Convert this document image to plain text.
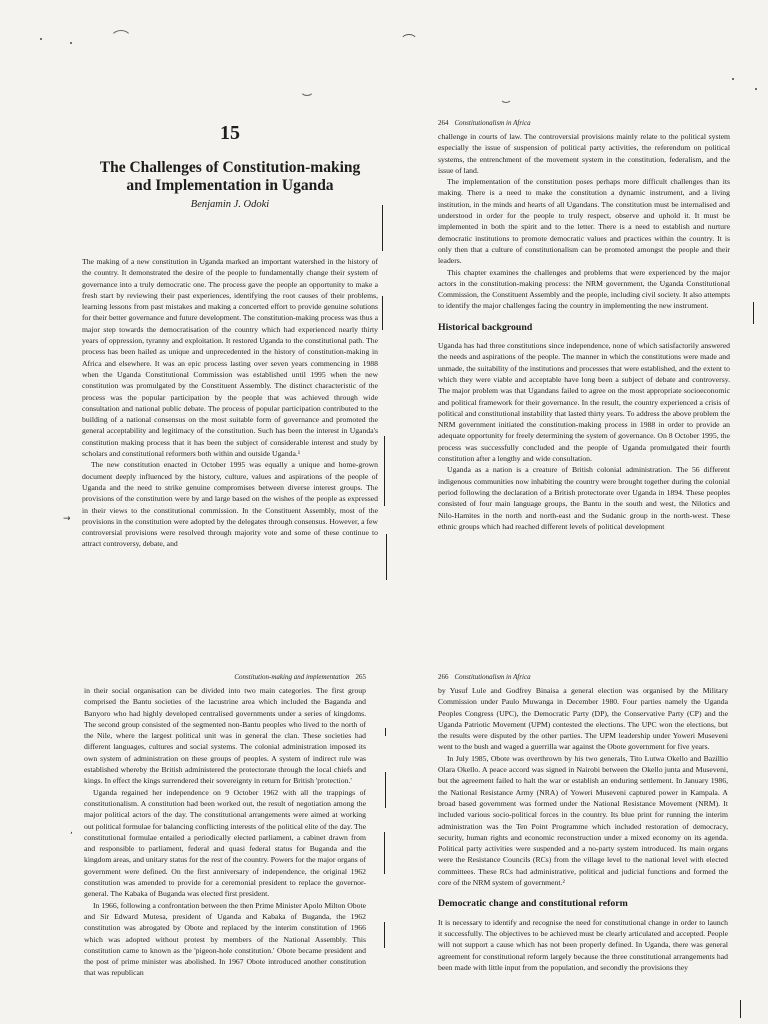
→
,
15
The Challenges of Constitution-making and Implementation in Uganda
Benjamin J. Odoki

The making of a new constitution in Uganda marked an important watershed in the history of the country. It demonstrated the desire of the people to fundamentally change their system of governance into a truly democratic one. The process gave the people an opportunity to make a fresh start by reviewing their past experiences, identifying the root causes of their problems, learning lessons from past mistakes and making a concerted effort to provide genuine solutions for their better governance and future development. The constitution-making process was thus a major step towards the democratisation of the country which had experienced nearly thirty years of oppression, tyranny and exploitation. It restored Uganda to the constitutional path. The process has been hailed as unique and unprecedented in the history of constitution-making in Africa and elsewhere. It was an epic process lasting over seven years commencing in 1988 when the Uganda Constitutional Commission was established until 1995 when the new constitution was promulgated by the Constituent Assembly. The distinct characteristic of the process was the popular participation by the people that was achieved through wide consultation and national public debate. The process of popular participation contributed to the building of a national consensus on the most suitable form of governance and promoted the general acceptability and legitimacy of the constitution. Such has been the interest in Uganda's constitution making process that it has been the subject of considerable interest and study by scholars and constitutional reformers both within and outside Uganda.¹

The new constitution enacted in October 1995 was equally a unique and home-grown document deeply influenced by the history, culture, values and aspirations of the people of Uganda and the need to strike genuine compromises between diverse interest groups. The provisions of the constitution were by and large based on the wishes of the people as expressed in their views to the constitutional commission. In the Constituent Assembly, most of the provisions in the constitution were adopted by the delegates through consensus. However, a few controversial provisions were resolved through majority vote and some of these continue to attract controversy, debate, and

264 Constitutionalism in Africa

challenge in courts of law. The controversial provisions mainly relate to the political system especially the issue of suspension of political party activities, the referendum on political systems, the entrenchment of the movement system in the constitution, federalism, and the issue of land.

The implementation of the constitution poses perhaps more difficult challenges than its making. There is a need to make the constitution a dynamic instrument, and a living institution, in the minds and hearts of all Ugandans. The constitution must be internalised and understood in order for the people to truly respect, observe and uphold it. It must be implemented in both the spirit and to the letter. There is a need to establish and nurture democratic institutions to promote democratic values and practices within the country. It is only then that a culture of constitutionalism can be promoted amongst the people and their leaders.

This chapter examines the challenges and problems that were experienced by the major actors in the constitution-making process: the NRM government, the Uganda Constitutional Commission, the Constituent Assembly and the people, including civil society. It also attempts to identify the major challenges facing the country in implementing the new instrument.

Historical background

Uganda has had three constitutions since independence, none of which satisfactorily answered the needs and aspirations of the people. The manner in which the constitutions were made and unmade, the suitability of the institutions and processes that were established, and the extent to which they were viable and acceptable have long been a subject of debate and controversy. The major problem was that Ugandans failed to agree on the most appropriate socioeconomic and political framework for their governance. In the result, the country experienced a crisis of political and constitutional instability that lasted thirty years. To address the above problem the NRM government initiated the constitution-making process in 1988 in order to provide an adequate opportunity for freely determining the system of governance. On 8 October 1995, the process was successfully concluded and the people of Uganda promulgated their fourth constitution after a lengthy and wide consultation.

Uganda as a nation is a creature of British colonial administration. The 56 different indigenous communities now inhabiting the country were brought together during the colonial period following the declaration of a British protectorate over Uganda in 1894. These peoples consisted of four main language groups, the Bantu in the south and west, the Nilotics and Nilo-Hamites in the north and north-east and the Sudanic group in the north-west. These ethnic groups which had reached different levels of political development

Constitution-making and implementation 265

in their social organisation can be divided into two main categories. The first group comprised the Bantu societies of the lacustrine area which included the Baganda and Banyoro who had highly developed centralised governments under a series of kingdoms. The second group consisted of the segmented non-Bantu peoples who lived to the north of the Nile, where the largest political unit was in general the clan. These societies had different languages, cultures and social systems. The colonial administration imposed its own system of administration on these groups of peoples. A system of indirect rule was established whereby the British administered the protectorate through the local chiefs and kings. In effect the kings surrendered their sovereignty in return for British 'protection.'

Uganda regained her independence on 9 October 1962 with all the trappings of constitutionalism. A constitution had been worked out, the result of negotiation among the major political actors of the day. The constitutional arrangements were aimed at working out political formulae for balancing conflicting interests of the political elite of the day. The constitutional formulae entailed a periodically elected parliament, a cabinet drawn from and responsible to parliament, federal and quasi federal status for Buganda and the kingdom areas, and unitary status for the rest of the country. Powers for the major organs of government were defined. On the first anniversary of independence, the original 1962 constitution was amended to provide for a ceremonial president to replace the governor- general. The Kabaka of Buganda was elected first president.

In 1966, following a confrontation between the then Prime Minister Apolo Milton Obote and Sir Edward Mutesa, president of Uganda and Kabaka of Buganda, the 1962 constitution was abrogated by Obote and replaced by the interim constitution of 1966 which was adopted without protest by members of the National Assembly. This constitution came to known as the 'pigeon-hole constitution.' Obote became president and the post of prime minister was abolished. In 1967 Obote introduced another constitution that was republican

266 Constitutionalism in Africa

by Yusuf Lule and Godfrey Binaisa a general election was organised by the Military Commission under Paulo Muwanga in December 1980. Four parties namely the Uganda Peoples Congress (UPC), the Democratic Party (DP), the Conservative Party (CP) and the Uganda Patriotic Movement (UPM) contested the elections. The UPC won the elections, but the results were disputed by the other parties. The UPM leadership under Yoweri Museveni went to the bush and waged a guerrilla war against the Obote government for five years.

In July 1985, Obote was overthrown by his two generals, Tito Lutwa Okello and Bazillio Olara Okello. A peace accord was signed in Nairobi between the Okello junta and Museveni, but the agreement failed to halt the war or establish an enduring settlement. In January 1986, the National Resistance Army (NRA) of Yoweri Museveni captured power in Kampala. A broad based government was formed under the National Resistance Movement (NRM). It included various socio-political forces in the country. Its blue print for running the interim administration was the Ten Point Programme which included restoration of democracy, security, human rights and economic reconstruction under a mixed economy on its agenda. Political party activities were suspended and a no-party system introduced. Its main organs were the Resistance Councils (RCs) from the village level to the national level with elected committees. These RCs had administrative, political and judicial functions and formed the core of the NRM system of government.²

Democratic change and constitutional reform

It is necessary to identify and recognise the need for constitutional change in order to launch it successfully. The objectives to be achieved must be clearly articulated and accepted. People will not support a cause which has not been properly defined. In Uganda, there was general agreement for constitutional reform largely because the three constitutional arrangements had been made with little input from the population, and secondly the provisions they
